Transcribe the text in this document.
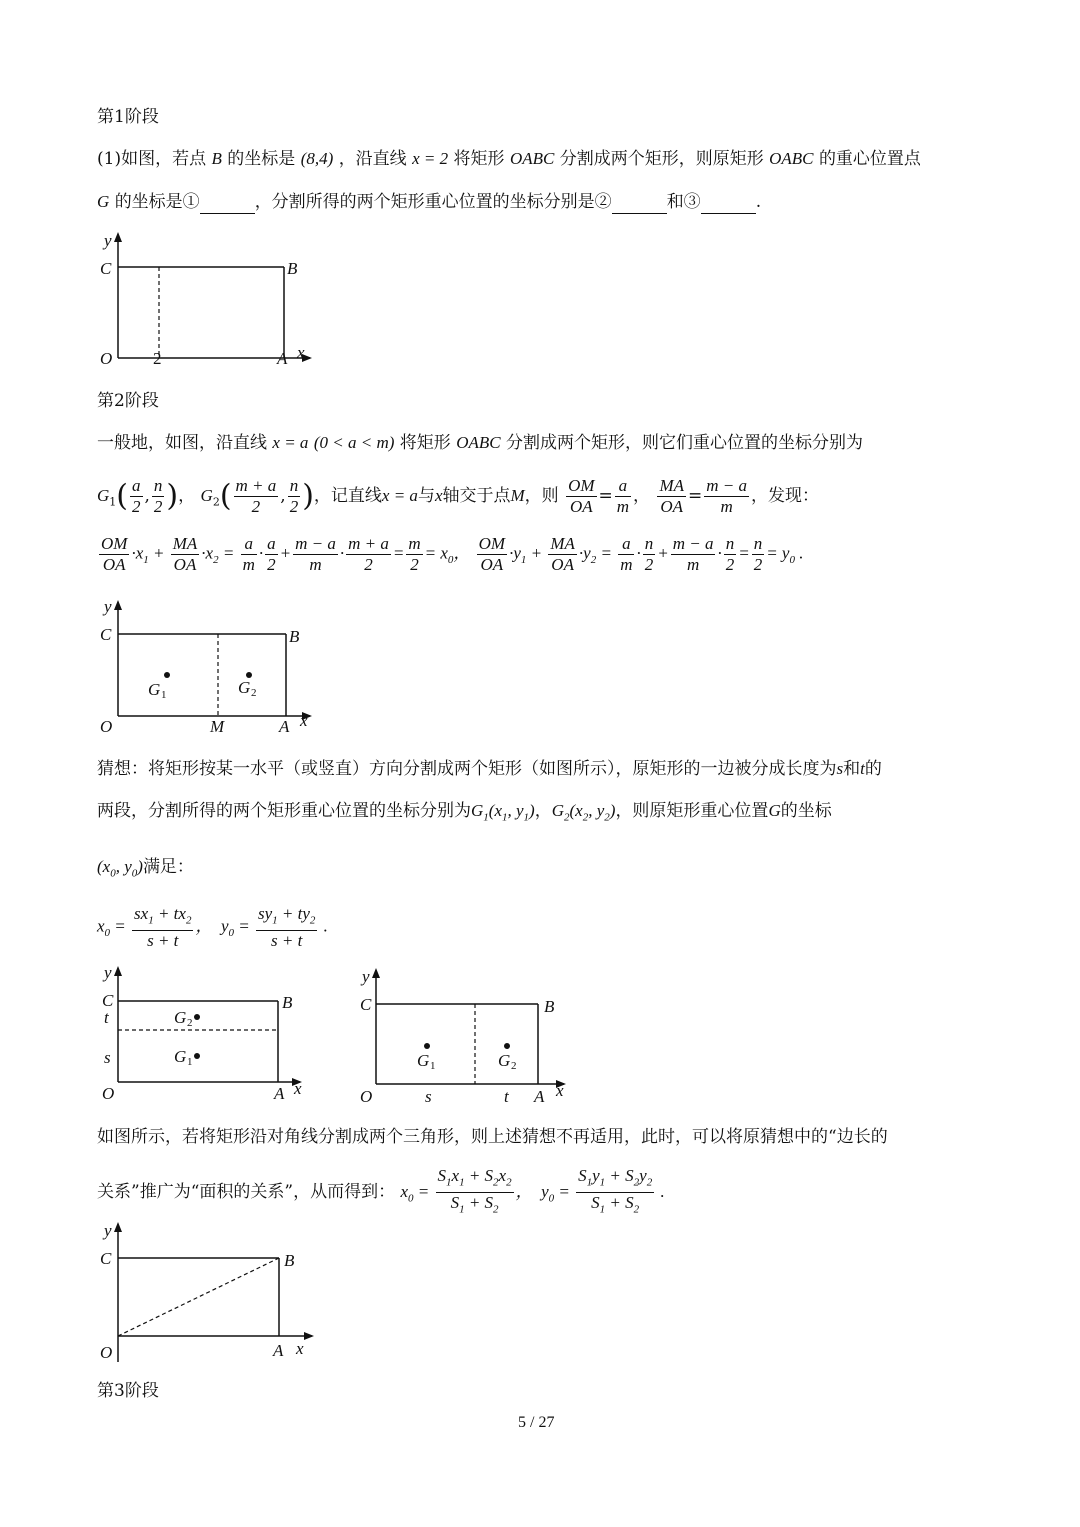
第1阶段
(1)如图，若点 B 的坐标是 (8,4) ，沿直线 x = 2 将矩形 OABC 分割成两个矩形，则原矩形 OABC 的重心位置点
G 的坐标是①	，分割所得的两个矩形重心位置的坐标分别是②	和③	.
y
C	B
O 2	A x
第2阶段
一般地，如图，沿直线 x = a (0 < a < m) 将矩形 OABC 分割成两个矩形，则它们重心位置的坐标分别为
$G_1( \frac{a}{2}$ , $\frac{n}{2}$ )， $G_2( \frac{m + a}{2}$ , $\frac{n}{2}$ )，记直线x = a与x轴交于点M，则 $\frac{OM}{OA} = \frac{a}{m}$ ， $\frac{MA}{OA} = \frac{m - a}{m}$ ，发现：
$\frac{OM}{OA} \cdot x_1 + \frac{MA}{OA} \cdot x_2 = \frac{a}{m} \cdot \frac{a}{2} + \frac{m - a}{m} \cdot \frac{m + a}{2} = \frac{m}{2} = x_0$， $\frac{OM}{OA} \cdot y_1 + \frac{MA}{OA} \cdot y_2 = \frac{a}{m} \cdot \frac{n}{2} + \frac{m - a}{m} \cdot \frac{n}{2} = \frac{n}{2} = y_0$ .
y
C	B
G 1	G 2
O	M	A x
猜想：将矩形按某一水平（或竖直）方向分割成两个矩形（如图所示），原矩形的一边被分成长度为s和t的
两段，分割所得的两个矩形重心位置的坐标分别为$G_1(x_1$, $y_1$)，$G_2(x_2$, $y_2$)，则原矩形重心位置G的坐标
($x_0$, $y_0$)满足：
$x_0 = \frac{sx_1 + tx_2}{s + t}$ ，  $y_0 = \frac{sy_1 + ty_2}{s + t}$ .
y
C
t
s
B
G 2
G 1
O	A x
y
C	B
G 1	G 2
O	s	t A x
如图所示，若将矩形沿对角线分割成两个三角形，则上述猜想不再适用，此时，可以将原猜想中的“边长的
关系”推广为“面积的关系”，从而得到： $x_0 = \frac{S_1x_1 + S_2x_2}{S_1 + S_2}$ ，  $y_0 = \frac{S_1y_1 + S_2y_2}{S_1 + S_2}$ .
y
C	B
O	A x
第3阶段
5 / 27
